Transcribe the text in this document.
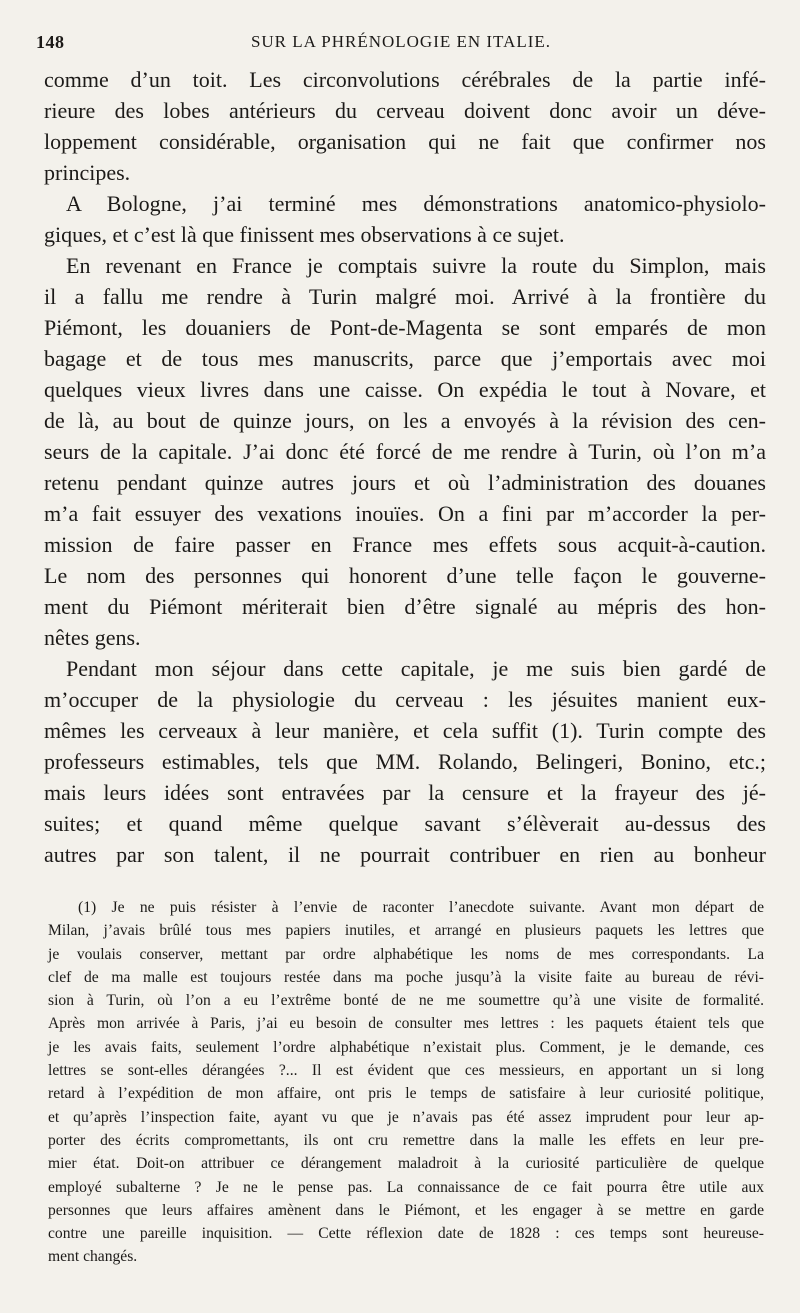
148	SUR LA PHRÉNOLOGIE EN ITALIE.
comme d’un toit. Les circonvolutions cérébrales de la partie infé-
rieure des lobes antérieurs du cerveau doivent donc avoir un déve-
loppement considérable, organisation qui ne fait que confirmer nos
principes.
A Bologne, j’ai terminé mes démonstrations anatomico-physiolo-
giques, et c’est là que finissent mes observations à ce sujet.
En revenant en France je comptais suivre la route du Simplon, mais
il a fallu me rendre à Turin malgré moi. Arrivé à la frontière du
Piémont, les douaniers de Pont-de-Magenta se sont emparés de mon
bagage et de tous mes manuscrits, parce que j’emportais avec moi
quelques vieux livres dans une caisse. On expédia le tout à Novare, et
de là, au bout de quinze jours, on les a envoyés à la révision des cen-
seurs de la capitale. J’ai donc été forcé de me rendre à Turin, où l’on m’a
retenu pendant quinze autres jours et où l’administration des douanes
m’a fait essuyer des vexations inouïes. On a fini par m’accorder la per-
mission de faire passer en France mes effets sous acquit-à-caution.
Le nom des personnes qui honorent d’une telle façon le gouverne-
ment du Piémont mériterait bien d’être signalé au mépris des hon-
nêtes gens.
Pendant mon séjour dans cette capitale, je me suis bien gardé de
m’occuper de la physiologie du cerveau : les jésuites manient eux-
mêmes les cerveaux à leur manière, et cela suffit (1). Turin compte des
professeurs estimables, tels que MM. Rolando, Belingeri, Bonino, etc.;
mais leurs idées sont entravées par la censure et la frayeur des jé-
suites; et quand même quelque savant s’élèverait au-dessus des
autres par son talent, il ne pourrait contribuer en rien au bonheur
(1) Je ne puis résister à l’envie de raconter l’anecdote suivante. Avant mon départ de
Milan, j’avais brûlé tous mes papiers inutiles, et arrangé en plusieurs paquets les lettres que
je voulais conserver, mettant par ordre alphabétique les noms de mes correspondants. La
clef de ma malle est toujours restée dans ma poche jusqu’à la visite faite au bureau de révi-
sion à Turin, où l’on a eu l’extrême bonté de ne me soumettre qu’à une visite de formalité.
Après mon arrivée à Paris, j’ai eu besoin de consulter mes lettres : les paquets étaient tels que
je les avais faits, seulement l’ordre alphabétique n’existait plus. Comment, je le demande, ces
lettres se sont-elles dérangées ?... Il est évident que ces messieurs, en apportant un si long
retard à l’expédition de mon affaire, ont pris le temps de satisfaire à leur curiosité politique,
et qu’après l’inspection faite, ayant vu que je n’avais pas été assez imprudent pour leur ap-
porter des écrits compromettants, ils ont cru remettre dans la malle les effets en leur pre-
mier état. Doit-on attribuer ce dérangement maladroit à la curiosité particulière de quelque
employé subalterne ? Je ne le pense pas. La connaissance de ce fait pourra être utile aux
personnes que leurs affaires amènent dans le Piémont, et les engager à se mettre en garde
contre une pareille inquisition. — Cette réflexion date de 1828 : ces temps sont heureuse-
ment changés.
